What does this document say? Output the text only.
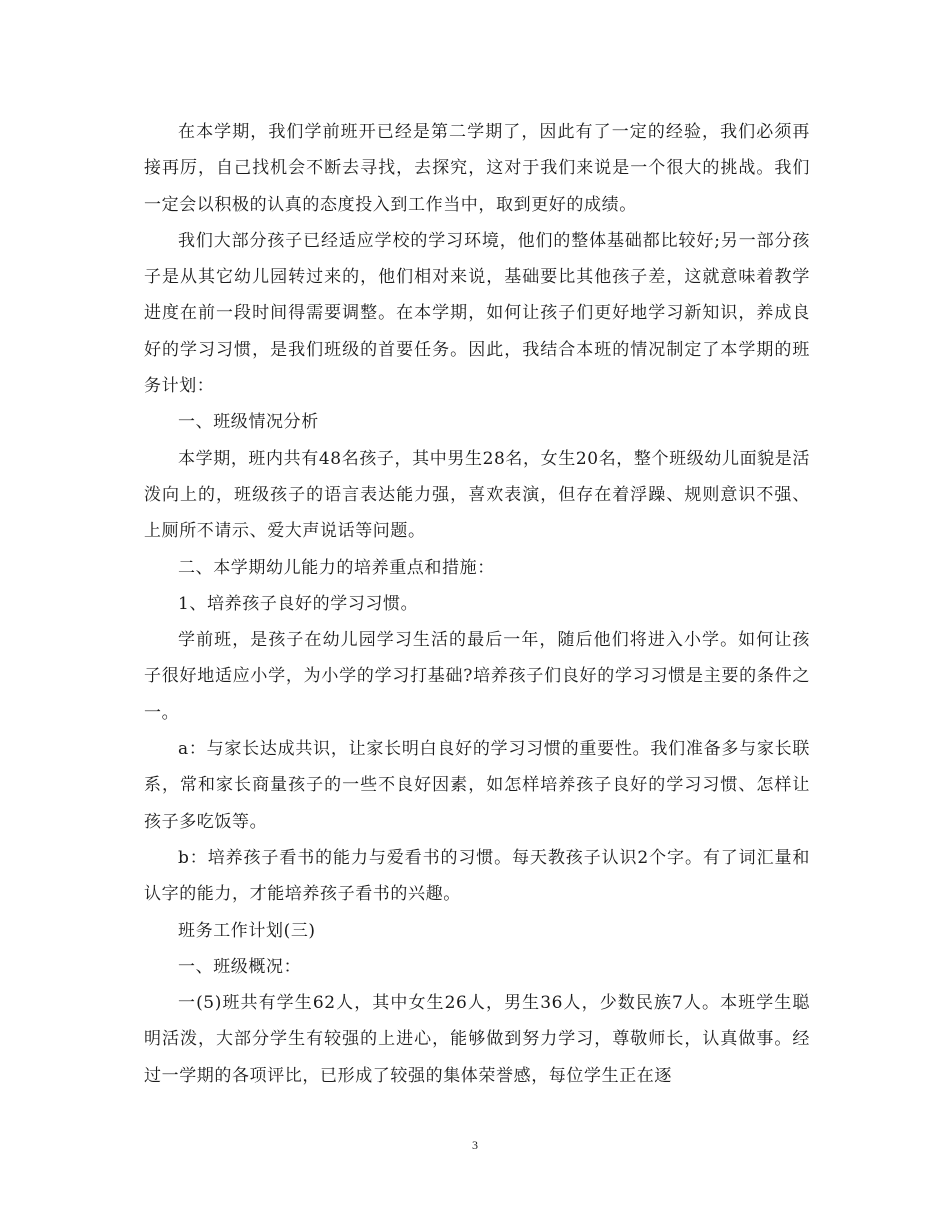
在本学期，我们学前班开已经是第二学期了，因此有了一定的经验，我们必须再接再厉，自己找机会不断去寻找，去探究，这对于我们来说是一个很大的挑战。我们一定会以积极的认真的态度投入到工作当中，取到更好的成绩。

我们大部分孩子已经适应学校的学习环境，他们的整体基础都比较好;另一部分孩子是从其它幼儿园转过来的，他们相对来说，基础要比其他孩子差，这就意味着教学进度在前一段时间得需要调整。在本学期，如何让孩子们更好地学习新知识，养成良好的学习习惯，是我们班级的首要任务。因此，我结合本班的情况制定了本学期的班务计划：

一、班级情况分析

本学期，班内共有48名孩子，其中男生28名，女生20名，整个班级幼儿面貌是活泼向上的，班级孩子的语言表达能力强，喜欢表演，但存在着浮躁、规则意识不强、上厕所不请示、爱大声说话等问题。

二、本学期幼儿能力的培养重点和措施：

1、培养孩子良好的学习习惯。

学前班，是孩子在幼儿园学习生活的最后一年，随后他们将进入小学。如何让孩子很好地适应小学，为小学的学习打基础?培养孩子们良好的学习习惯是主要的条件之一。

a：与家长达成共识，让家长明白良好的学习习惯的重要性。我们准备多与家长联系，常和家长商量孩子的一些不良好因素，如怎样培养孩子良好的学习习惯、怎样让孩子多吃饭等。

b：培养孩子看书的能力与爱看书的习惯。每天教孩子认识2个字。有了词汇量和认字的能力，才能培养孩子看书的兴趣。

班务工作计划(三)

一、班级概况：

一(5)班共有学生62人，其中女生26人，男生36人，少数民族7人。本班学生聪明活泼，大部分学生有较强的上进心，能够做到努力学习，尊敬师长，认真做事。经过一学期的各项评比，已形成了较强的集体荣誉感，每位学生正在逐

3
